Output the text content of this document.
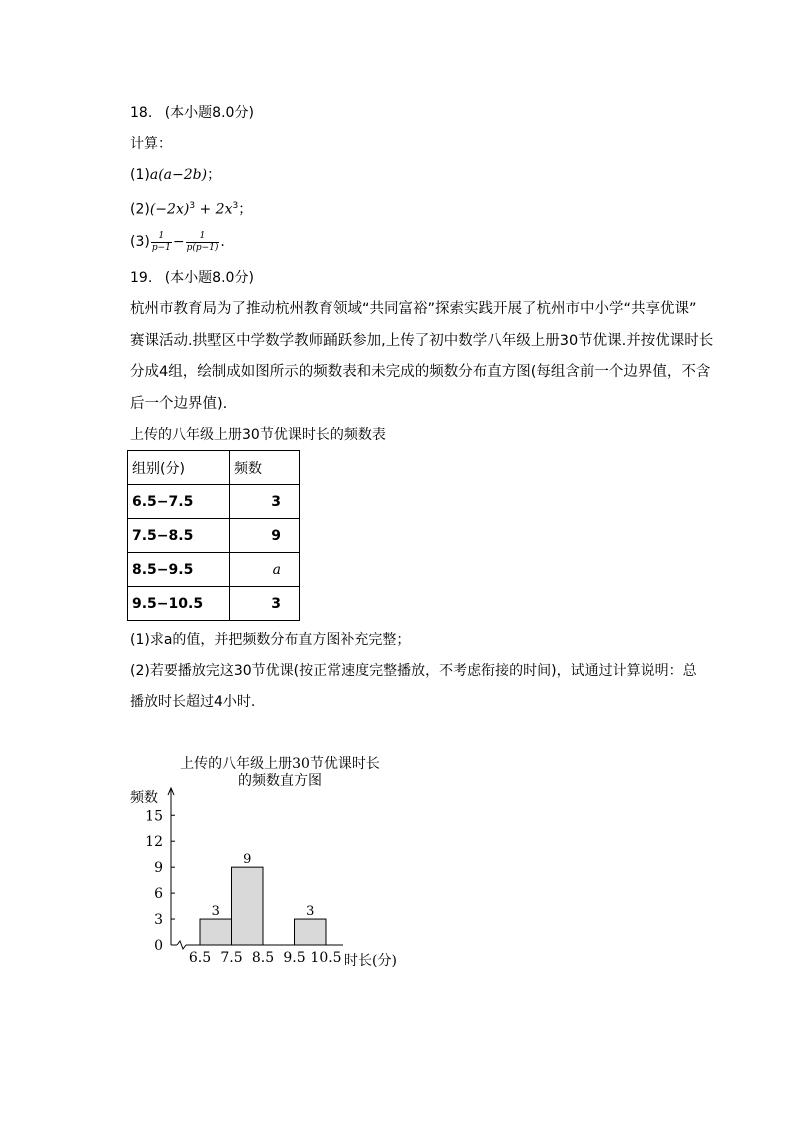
18. (本小题8.0分)
计算：
(1)a(a−2b)；
$(2)(-2x)^3 + 2x^3$；
$(3) \frac{1}{p-1} - \frac{1}{p(p-1)}$ .
19. (本小题8.0分)
杭州市教育局为了推动杭州教育领域“共同富裕”探索实践开展了杭州市中小学“共享优课”
赛课活动.拱墅区中学数学教师踊跃参加,上传了初中数学八年级上册30节优课.并按优课时长
分成4组，绘制成如图所示的频数表和未完成的频数分布直方图(每组含前一个边界值，不含
后一个边界值).
上传的八年级上册30节优课时长的频数表
组别(分)	频数
6.5−7.5	3
7.5−8.5	9
8.5−9.5	a
9.5−10.5	3
(1)求a的值，并把频数分布直方图补充完整；
(2)若要播放完这30节优课(按正常速度完整播放，不考虑衔接的时间)，试通过计算说明：总
播放时长超过4小时.
上传的八年级上册30节优课时长
的频数直方图
频数
时长(分)
0
3
6
9
12
15
6.5 7.5 8.5 9.5 10.5
3
9
3
